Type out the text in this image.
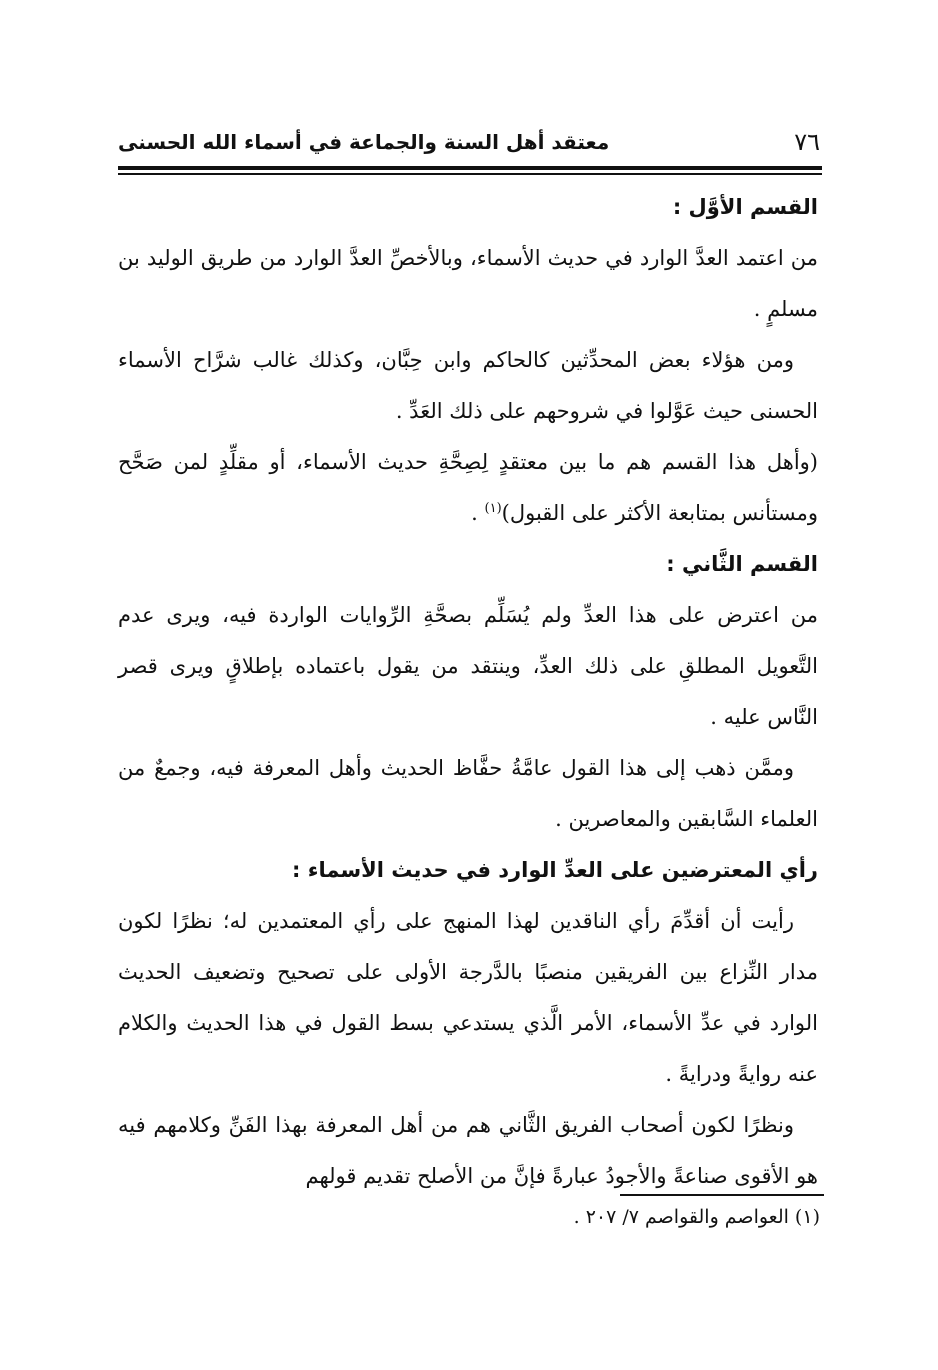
٧٦
معتقد أهل السنة والجماعة في أسماء الله الحسنى

القسم الأوَّل :

من اعتمد العدَّ الوارد في حديث الأسماء، وبالأخصِّ العدَّ الوارد من طريق الوليد بن مسلمٍ .

ومن هؤلاء بعض المحدِّثين كالحاكم وابن حِبَّان، وكذلك غالب شرَّاح الأسماء الحسنى حيث عَوَّلوا في شروحهم على ذلك العَدِّ .

(وأهل هذا القسم هم ما بين معتقدٍ لِصِحَّةِ حديث الأسماء، أو مقلِّدٍ لمن صَحَّح ومستأنس بمتابعة الأكثر على القبول)$^{(١)}$ .

القسم الثَّاني :

من اعترض على هذا العدِّ ولم يُسَلِّم بصحَّةِ الرِّوايات الواردة فيه، ويرى عدم التَّعويل المطلقِ على ذلك العدِّ، وينتقد من يقول باعتماده بإطلاقٍ ويرى قصر النَّاس عليه .

وممَّن ذهب إلى هذا القول عامَّةُ حفَّاظ الحديث وأهل المعرفة فيه، وجمعٌ من العلماء السَّابقين والمعاصرين .

رأي المعترضين على العدِّ الوارد في حديث الأسماء :

رأيت أن أقدِّمَ رأي الناقدين لهذا المنهج على رأي المعتمدين له؛ نظرًا لكون مدار النِّزاع بين الفريقين منصبًا بالدَّرجة الأولى على تصحيح وتضعيف الحديث الوارد في عدِّ الأسماء، الأمر الَّذي يستدعي بسط القول في هذا الحديث والكلام عنه روايةً ودرايةً .

ونظرًا لكون أصحاب الفريق الثَّاني هم من أهل المعرفة بهذا الفَنِّ وكلامهم فيه هو الأقوى صناعةً والأجودُ عبارةً فإنَّ من الأصلح تقديم قولهم

(١) العواصم والقواصم ٧/ ٢٠٧ .
